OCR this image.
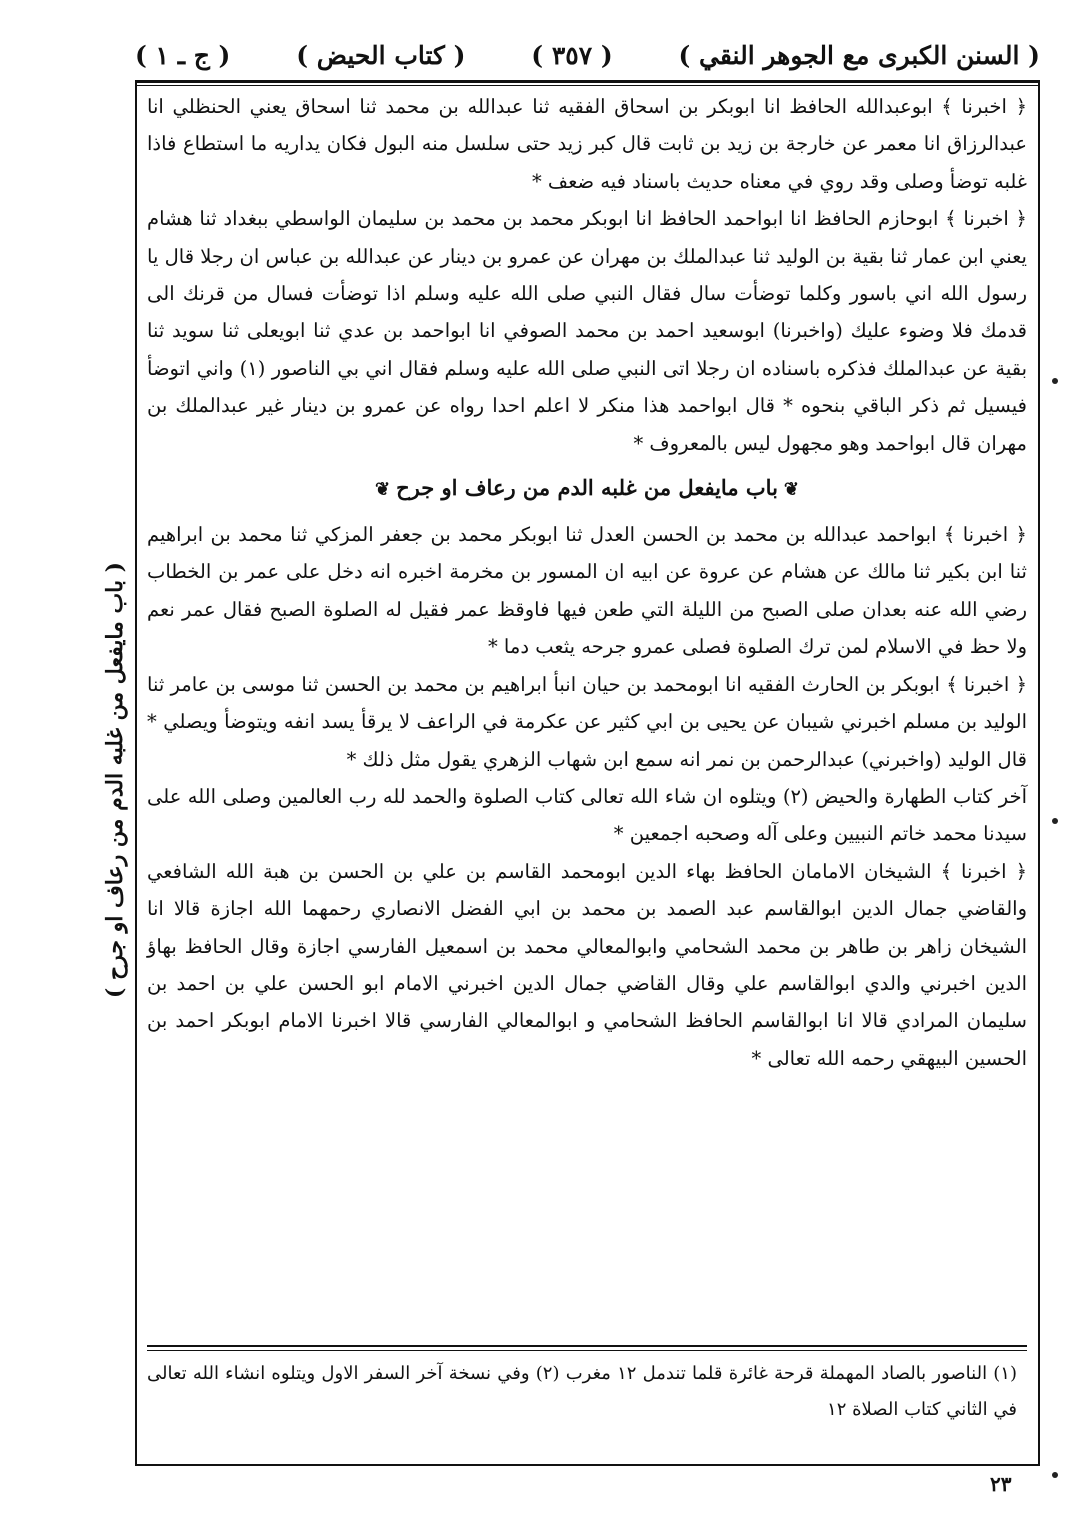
( السنن الكبرى مع الجوهر النقي )
( ٣٥٧ )
( كتاب الحيض )
( ج ـ ١ )

﴿ اخبرنا ﴾ ابوعبدالله الحافظ انا ابوبكر بن اسحاق الفقيه ثنا عبدالله بن محمد ثنا اسحاق يعني الحنظلي انا عبدالرزاق انا معمر عن خارجة بن زيد بن ثابت قال كبر زيد حتى سلسل منه البول فكان يداريه ما استطاع فاذا غلبه توضأ وصلى وقد روي في معناه حديث باسناد فيه ضعف *

﴿ اخبرنا ﴾ ابوحازم الحافظ انا ابواحمد الحافظ انا ابوبكر محمد بن محمد بن سليمان الواسطي ببغداد ثنا هشام يعني ابن عمار ثنا بقية بن الوليد ثنا عبدالملك بن مهران عن عمرو بن دينار عن عبدالله بن عباس ان رجلا قال يا رسول الله اني باسور وكلما توضأت سال فقال النبي صلى الله عليه وسلم اذا توضأت فسال من قرنك الى قدمك فلا وضوء عليك (واخبرنا) ابوسعيد احمد بن محمد الصوفي انا ابواحمد بن عدي ثنا ابويعلى ثنا سويد ثنا بقية عن عبدالملك فذكره باسناده ان رجلا اتى النبي صلى الله عليه وسلم فقال اني بي الناصور (١) واني اتوضأ فيسيل ثم ذكر الباقي بنحوه * قال ابواحمد هذا منكر لا اعلم احدا رواه عن عمرو بن دينار غير عبدالملك بن مهران قال ابواحمد وهو مجهول ليس بالمعروف *

❦باب مايفعل من غلبه الدم من رعاف او جرح❦

﴿ اخبرنا ﴾ ابواحمد عبدالله بن محمد بن الحسن العدل ثنا ابوبكر محمد بن جعفر المزكي ثنا محمد بن ابراهيم ثنا ابن بكير ثنا مالك عن هشام عن عروة عن ابيه ان المسور بن مخرمة اخبره انه دخل على عمر بن الخطاب رضي الله عنه بعدان صلى الصبح من الليلة التي طعن فيها فاوقظ عمر فقيل له الصلوة الصبح فقال عمر نعم ولا حظ في الاسلام لمن ترك الصلوة فصلى عمرو جرحه يثعب دما *

﴿ اخبرنا ﴾ ابوبكر بن الحارث الفقيه انا ابومحمد بن حيان انبأ ابراهيم بن محمد بن الحسن ثنا موسى بن عامر ثنا الوليد بن مسلم اخبرني شيبان عن يحيى بن ابي كثير عن عكرمة في الراعف لا يرقأ يسد انفه ويتوضأ ويصلي * قال الوليد (واخبرني) عبدالرحمن بن نمر انه سمع ابن شهاب الزهري يقول مثل ذلك *

آخر كتاب الطهارة والحيض (٢) ويتلوه ان شاء الله تعالى كتاب الصلوة والحمد لله رب العالمين وصلى الله على سيدنا محمد خاتم النبيين وعلى آله وصحبه اجمعين *

﴿ اخبرنا ﴾ الشيخان الامامان الحافظ بهاء الدين ابومحمد القاسم بن علي بن الحسن بن هبة الله الشافعي والقاضي جمال الدين ابوالقاسم عبد الصمد بن محمد بن ابي الفضل الانصاري رحمهما الله اجازة قالا انا الشيخان زاهر بن طاهر بن محمد الشحامي وابوالمعالي محمد بن اسمعيل الفارسي اجازة وقال الحافظ بهاؤ الدين اخبرني والدي ابوالقاسم علي وقال القاضي جمال الدين اخبرني الامام ابو الحسن علي بن احمد بن سليمان المرادي قالا انا ابوالقاسم الحافظ الشحامي و ابوالمعالي الفارسي قالا اخبرنا الامام ابوبكر احمد بن الحسين البيهقي رحمه الله تعالى *

( باب مايفعل من غلبه الدم من رعاف او جرح )

(١) الناصور بالصاد المهملة قرحة غائرة قلما تندمل ١٢ مغرب (٢) وفي نسخة آخر السفر الاول ويتلوه انشاء الله تعالى في الثاني كتاب الصلاة ١٢

٢٣
